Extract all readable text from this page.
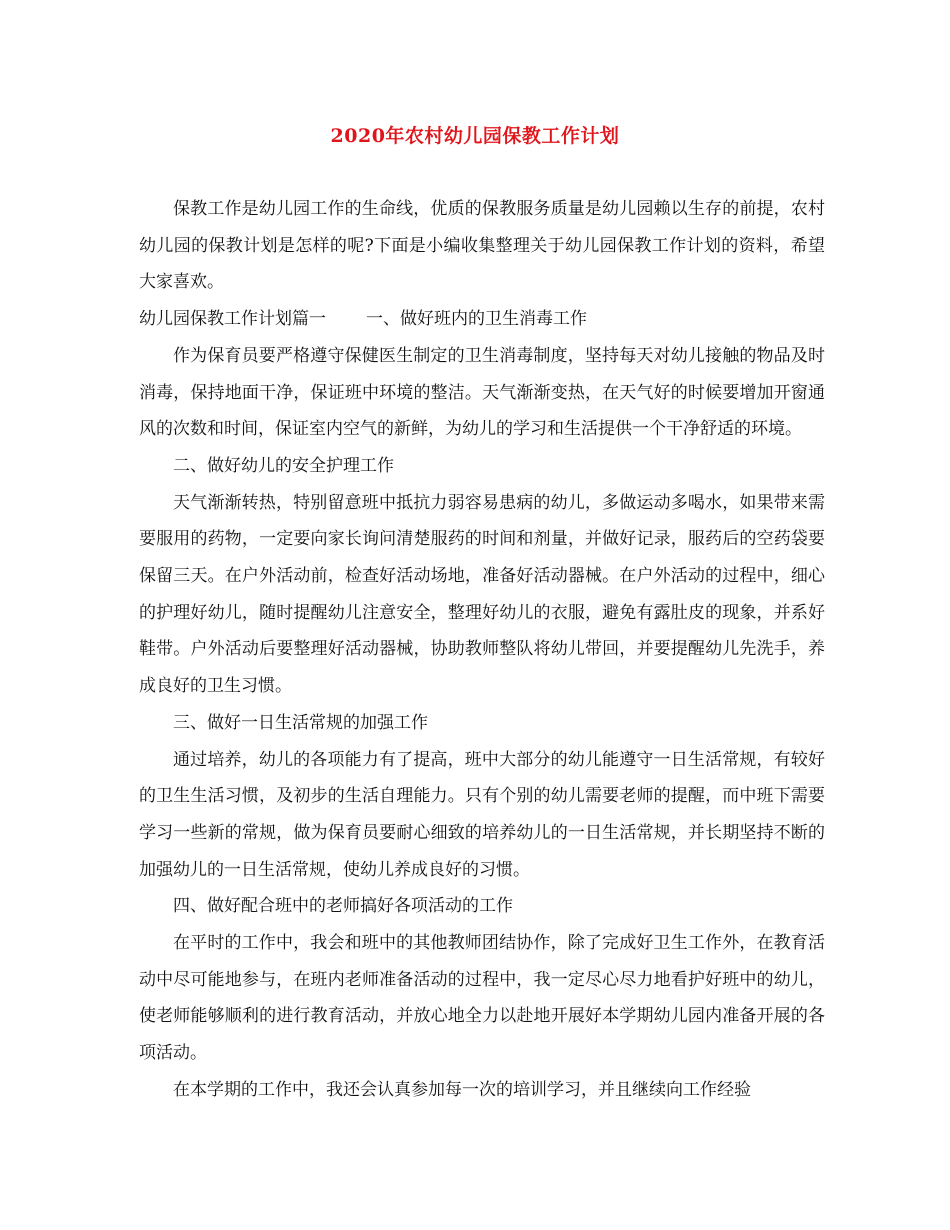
2020年农村幼儿园保教工作计划

保教工作是幼儿园工作的生命线，优质的保教服务质量是幼儿园赖以生存的前提，农村幼儿园的保教计划是怎样的呢?下面是小编收集整理关于幼儿园保教工作计划的资料，希望大家喜欢。

幼儿园保教工作计划篇一 一、做好班内的卫生消毒工作

作为保育员要严格遵守保健医生制定的卫生消毒制度，坚持每天对幼儿接触的物品及时消毒，保持地面干净，保证班中环境的整洁。天气渐渐变热，在天气好的时候要增加开窗通风的次数和时间，保证室内空气的新鲜，为幼儿的学习和生活提供一个干净舒适的环境。

二、做好幼儿的安全护理工作

天气渐渐转热，特别留意班中抵抗力弱容易患病的幼儿，多做运动多喝水，如果带来需要服用的药物，一定要向家长询问清楚服药的时间和剂量，并做好记录，服药后的空药袋要保留三天。在户外活动前，检查好活动场地，准备好活动器械。在户外活动的过程中，细心的护理好幼儿，随时提醒幼儿注意安全，整理好幼儿的衣服，避免有露肚皮的现象，并系好鞋带。户外活动后要整理好活动器械，协助教师整队将幼儿带回，并要提醒幼儿先洗手，养成良好的卫生习惯。

三、做好一日生活常规的加强工作

通过培养，幼儿的各项能力有了提高，班中大部分的幼儿能遵守一日生活常规，有较好的卫生生活习惯，及初步的生活自理能力。只有个别的幼儿需要老师的提醒，而中班下需要学习一些新的常规，做为保育员要耐心细致的培养幼儿的一日生活常规，并长期坚持不断的加强幼儿的一日生活常规，使幼儿养成良好的习惯。

四、做好配合班中的老师搞好各项活动的工作

在平时的工作中，我会和班中的其他教师团结协作，除了完成好卫生工作外，在教育活动中尽可能地参与，在班内老师准备活动的过程中，我一定尽心尽力地看护好班中的幼儿，使老师能够顺利的进行教育活动，并放心地全力以赴地开展好本学期幼儿园内准备开展的各项活动。

在本学期的工作中，我还会认真参加每一次的培训学习，并且继续向工作经验
